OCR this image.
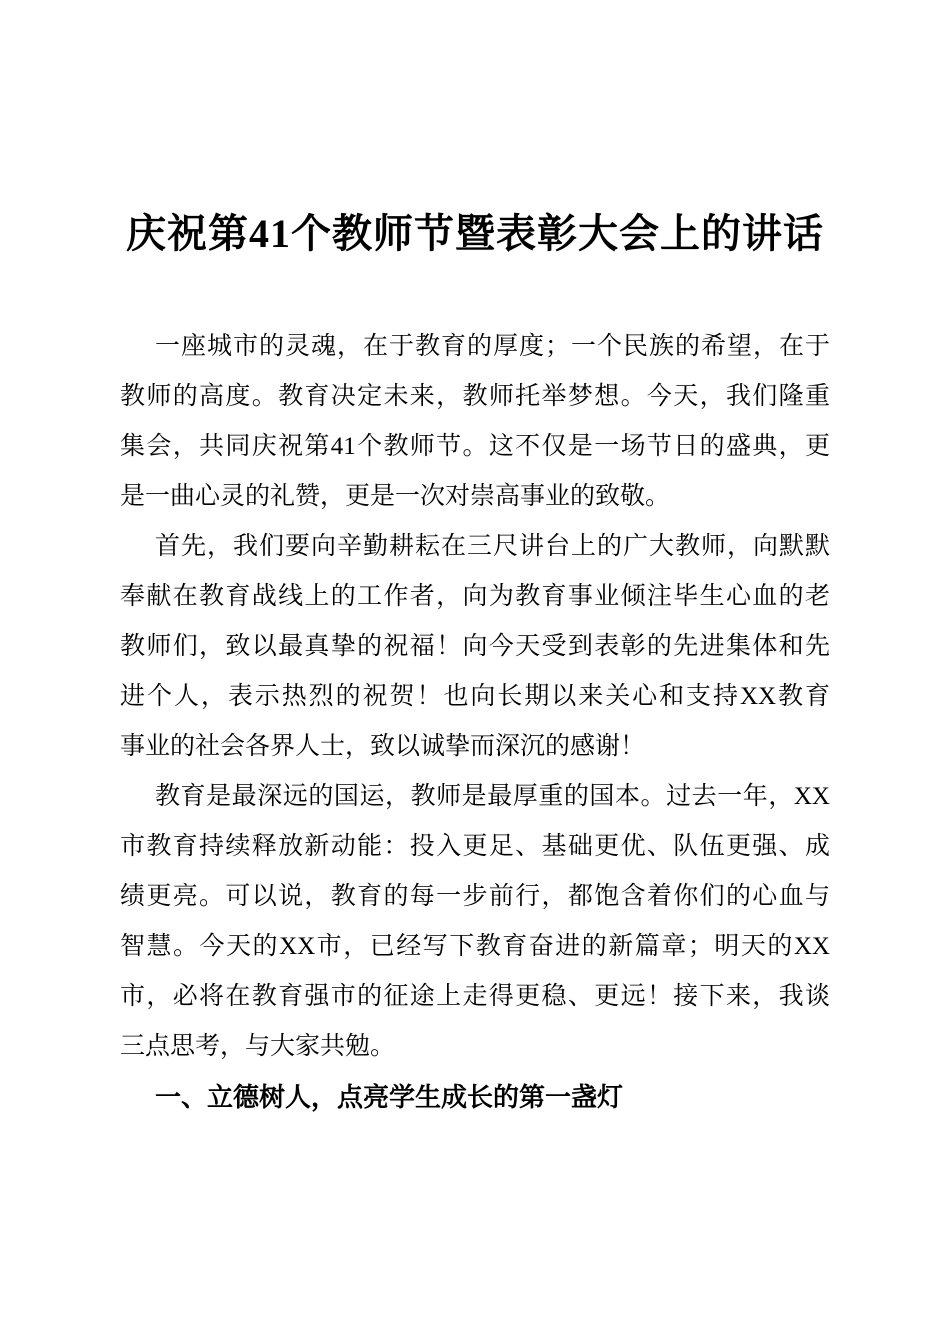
庆祝第41个教师节暨表彰大会上的讲话
一座城市的灵魂，在于教育的厚度；一个民族的希望，在于
教师的高度。教育决定未来，教师托举梦想。今天，我们隆重
集会，共同庆祝第41个教师节。这不仅是一场节日的盛典，更
是一曲心灵的礼赞，更是一次对崇高事业的致敬。
首先，我们要向辛勤耕耘在三尺讲台上的广大教师，向默默
奉献在教育战线上的工作者，向为教育事业倾注毕生心血的老
教师们，致以最真挚的祝福！向今天受到表彰的先进集体和先
进个人，表示热烈的祝贺！也向长期以来关心和支持XX教育
事业的社会各界人士，致以诚挚而深沉的感谢！
教育是最深远的国运，教师是最厚重的国本。过去一年，XX
市教育持续释放新动能：投入更足、基础更优、队伍更强、成
绩更亮。可以说，教育的每一步前行，都饱含着你们的心血与
智慧。今天的XX市，已经写下教育奋进的新篇章；明天的XX
市，必将在教育强市的征途上走得更稳、更远！接下来，我谈
三点思考，与大家共勉。
一、立德树人，点亮学生成长的第一盏灯
